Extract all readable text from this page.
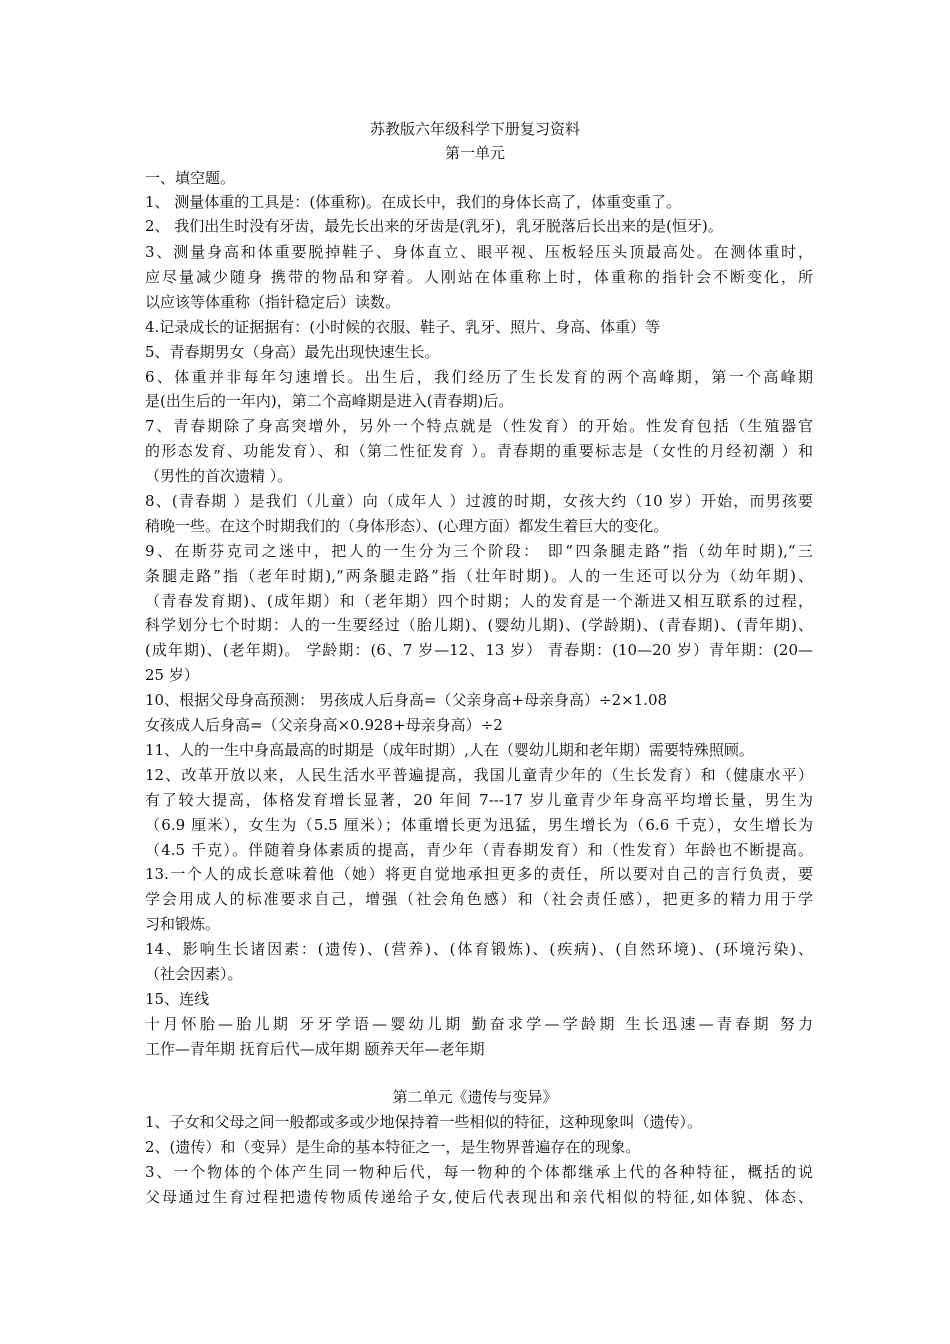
苏教版六年级科学下册复习资料
第一单元
一、填空题。
1、 测量体重的工具是：(体重称)。在成长中，我们的身体长高了，体重变重了。
2、 我们出生时没有牙齿，最先长出来的牙齿是(乳牙)，乳牙脱落后长出来的是(恒牙)。
3、测量身高和体重要脱掉鞋子、身体直立、眼平视、压板轻压头顶最高处。在测体重时，
应尽量减少随身 携带的物品和穿着。人刚站在体重称上时，体重称的指针会不断变化，所
以应该等体重称（指针稳定后）读数。
4.记录成长的证据据有：(小时候的衣服、鞋子、乳牙、照片、身高、体重）等
5、青春期男女（身高）最先出现快速生长。
6、体重并非每年匀速增长。出生后，我们经历了生长发育的两个高峰期，第一个高峰期
是(出生后的一年内)，第二个高峰期是进入(青春期)后。
7、青春期除了身高突增外，另外一个特点就是（性发育）的开始。性发育包括（生殖器官
的形态发育、功能发育）、和（第二性征发育 ）。青春期的重要标志是（女性的月经初潮 ）和
（男性的首次遗精 ）。
8、(青春期 ）是我们（儿童）向（成年人 ）过渡的时期，女孩大约（10 岁）开始，而男孩要
稍晚一些。在这个时期我们的（身体形态）、(心理方面）都发生着巨大的变化。
9、在斯芬克司之迷中，把人的一生分为三个阶段： 即“四条腿走路”指（幼年时期),“三
条腿走路”指（老年时期),“两条腿走路”指（壮年时期)。人的一生还可以分为（幼年期)、
（青春发育期)、(成年期）和（老年期）四个时期；人的发育是一个渐进又相互联系的过程，
科学划分七个时期：人的一生要经过（胎儿期)、(婴幼儿期)、(学龄期)、(青春期)、(青年期)、
(成年期)、(老年期)。 学龄期：(6、7 岁—12、13 岁） 青春期：(10—20 岁）青年期：(20—
25 岁）
10、根据父母身高预测： 男孩成人后身高=（父亲身高+母亲身高）÷2×1.08
女孩成人后身高=（父亲身高×0.928+母亲身高）÷2
11、人的一生中身高最高的时期是（成年时期）,人在（婴幼儿期和老年期）需要特殊照顾。
12、改革开放以来，人民生活水平普遍提高，我国儿童青少年的（生长发育）和（健康水平）
有了较大提高，体格发育增长显著，20 年间 7---17 岁儿童青少年身高平均增长量，男生为
（6.9 厘米），女生为（5.5 厘米）；体重增长更为迅猛，男生增长为（6.6 千克），女生增长为
（4.5 千克）。伴随着身体素质的提高，青少年（青春期发育）和（性发育）年龄也不断提高。
13.一个人的成长意味着他（她）将更自觉地承担更多的责任，所以要对自己的言行负责，要
学会用成人的标准要求自己，增强（社会角色感）和（社会责任感），把更多的精力用于学
习和锻炼。
14、影响生长诸因素：(遗传)、(营养)、(体育锻炼)、(疾病)、(自然环境)、(环境污染)、
（社会因素）。
15、连线
十月怀胎—胎儿期 牙牙学语—婴幼儿期 勤奋求学—学龄期 生长迅速—青春期 努力
工作—青年期 抚育后代—成年期 颐养天年—老年期
第二单元《遗传与变异》
1、子女和父母之间一般都或多或少地保持着一些相似的特征，这种现象叫（遗传）。
2、(遗传）和（变异）是生命的基本特征之一，是生物界普遍存在的现象。
3、一个物体的个体产生同一物种后代，每一物种的个体都继承上代的各种特征，概括的说
父母通过生育过程把遗传物质传递给子女,使后代表现出和亲代相似的特征,如体貌、体态、
